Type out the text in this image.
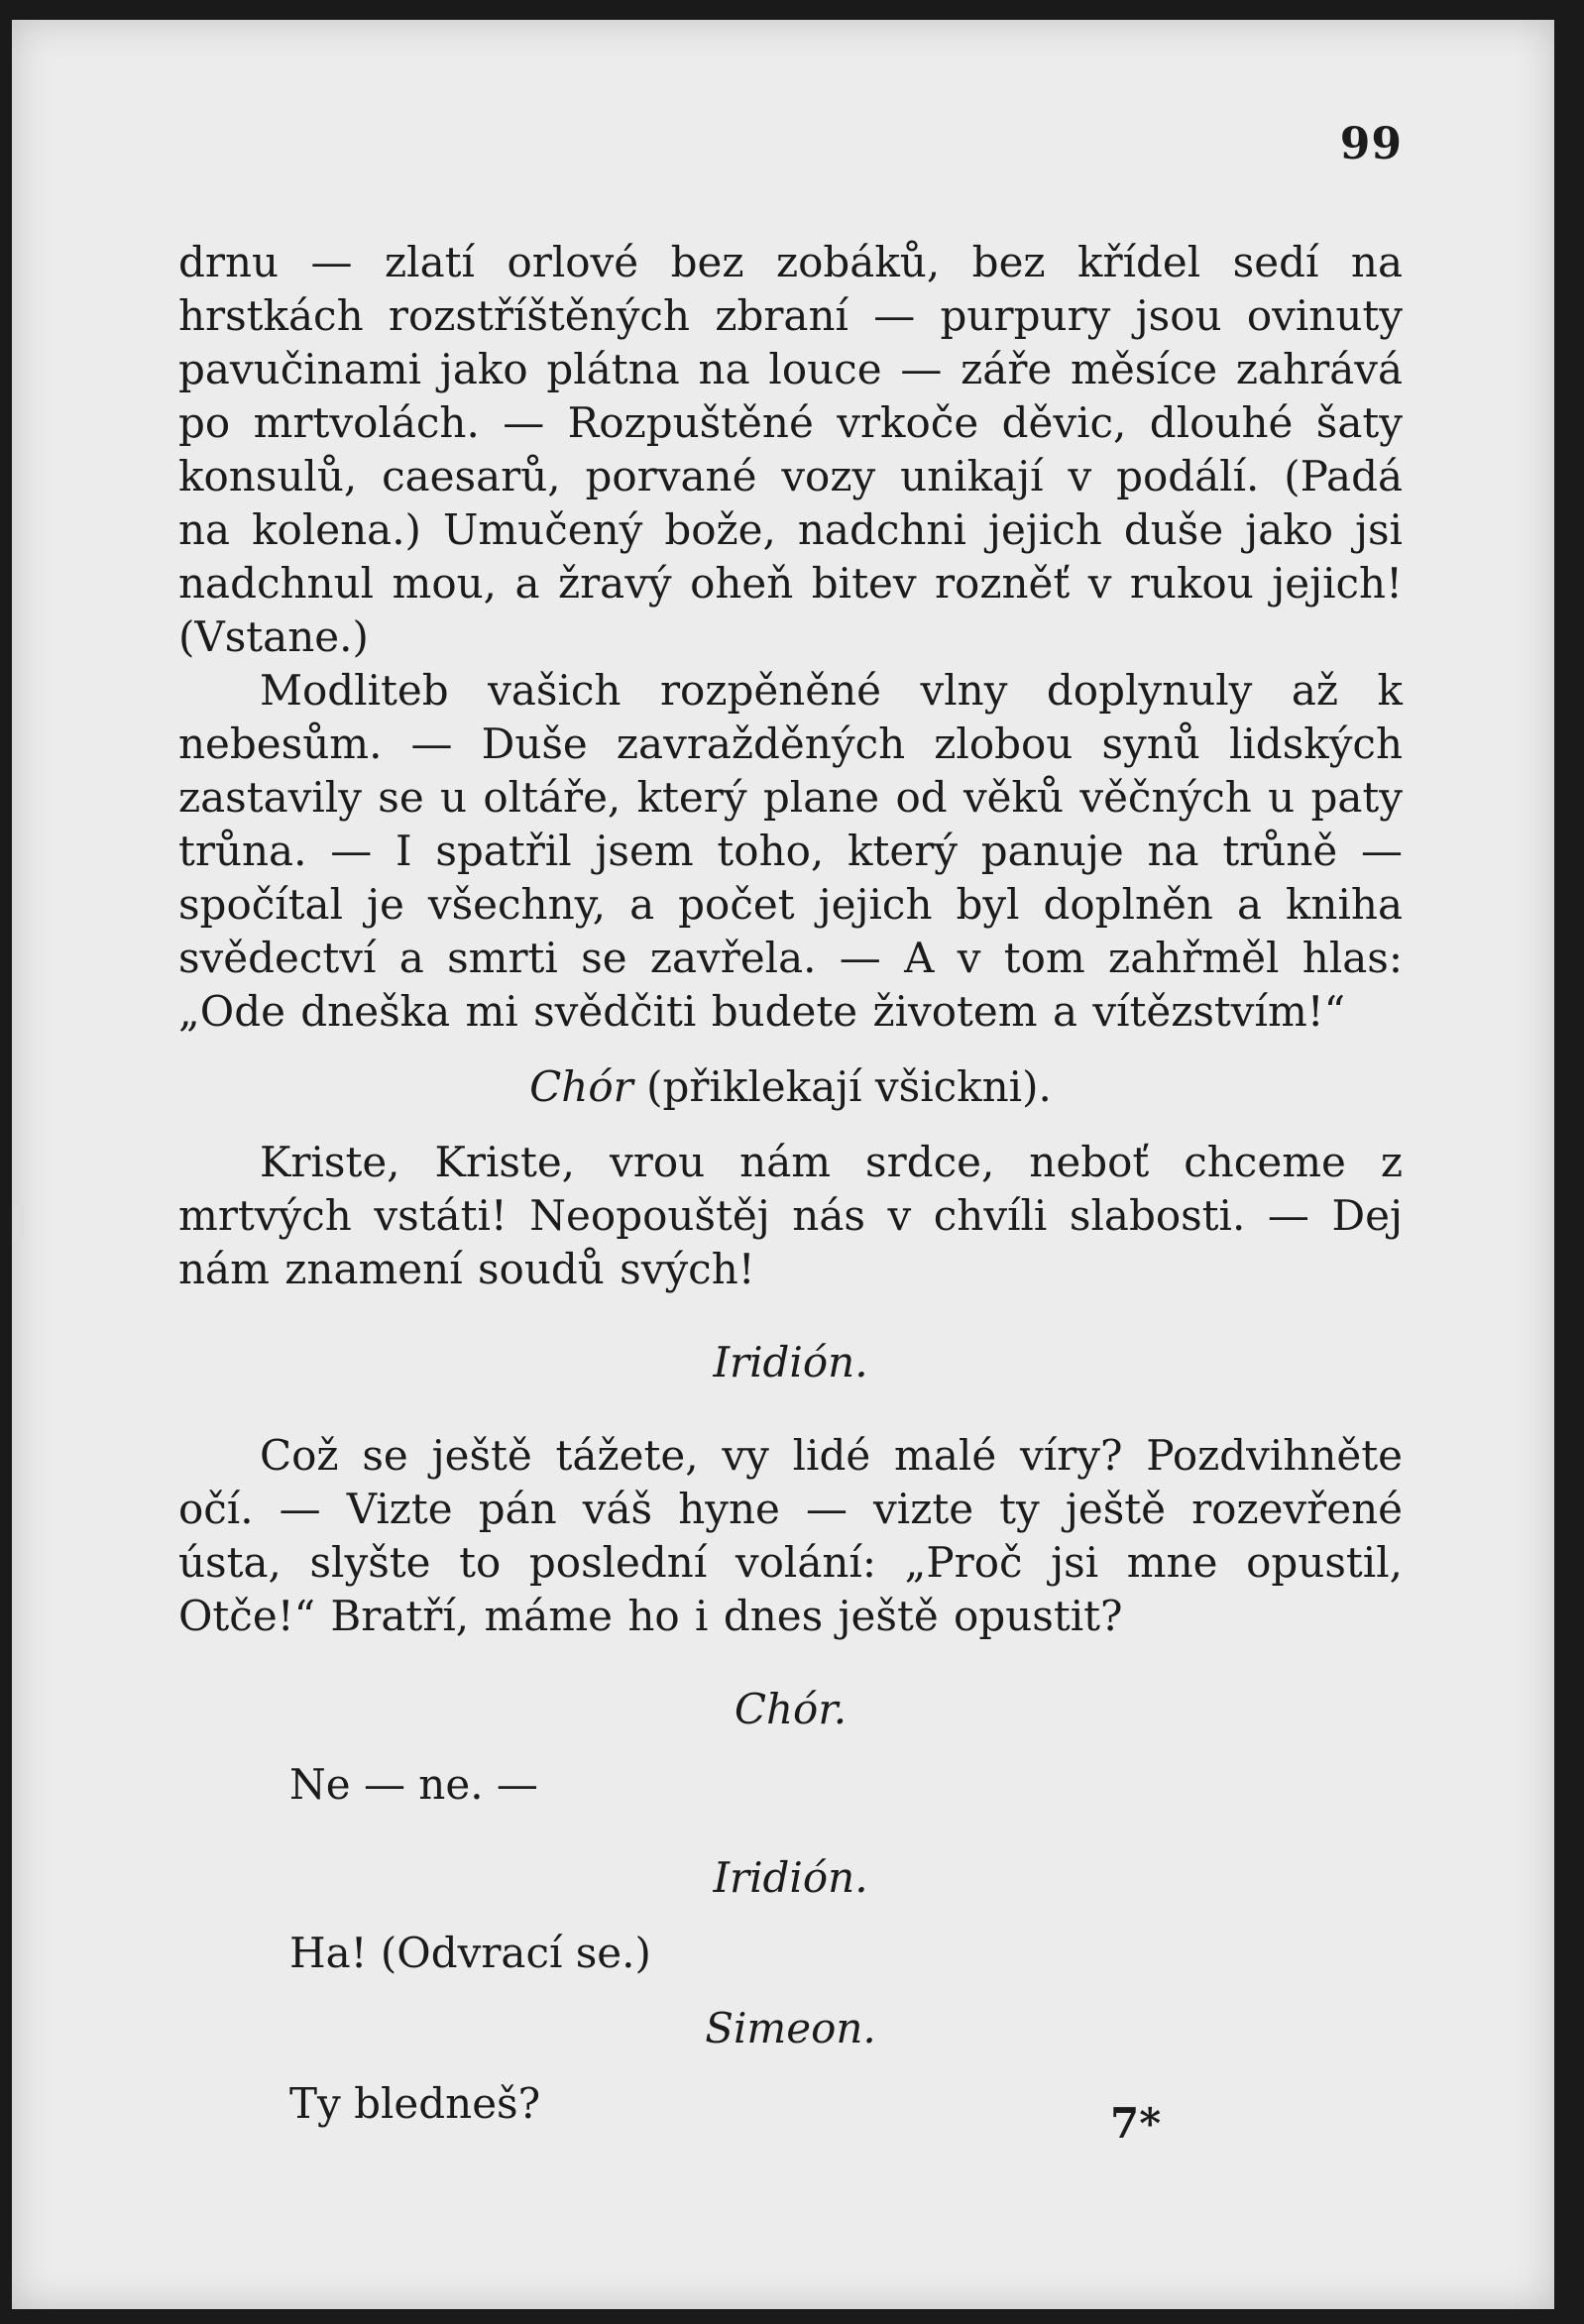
99

drnu — zlatí orlové bez zobáků, bez křídel sedí na hrstkách rozstříštěných zbraní — purpury jsou ovinuty pavučinami jako plátna na louce — záře měsíce zahrává po mrtvolách. — Rozpuštěné vrkoče děvic, dlouhé šaty konsulů, caesarů, porvané vozy unikají v podálí. (Padá na kolena.) Umučený bože, nadchni jejich duše jako jsi nadchnul mou, a žravý oheň bitev rozněť v rukou jejich! (Vstane.)

Modliteb vašich rozpěněné vlny doplynuly až k nebesům. — Duše zavražděných zlobou synů lidských zastavily se u oltáře, který plane od věků věčných u paty trůna. — I spatřil jsem toho, který panuje na trůně — spočítal je všechny, a počet jejich byl doplněn a kniha svědectví a smrti se zavřela. — A v tom zahřměl hlas: „Ode dneška mi svědčiti budete životem a vítězstvím!“

Chór (přiklekají všickni).

Kriste, Kriste, vrou nám srdce, neboť chceme z mrtvých vstáti! Neopouštěj nás v chvíli slabosti. — Dej nám znamení soudů svých!

Iridión.

Což se ještě tážete, vy lidé malé víry? Pozdvihněte očí. — Vizte pán váš hyne — vizte ty ještě rozevřené ústa, slyšte to poslední volání: „Proč jsi mne opustil, Otče!“ Bratří, máme ho i dnes ještě opustit?

Chór.

Ne — ne. —

Iridión.

Ha! (Odvrací se.)

Simeon.

Ty bledneš?	7*
